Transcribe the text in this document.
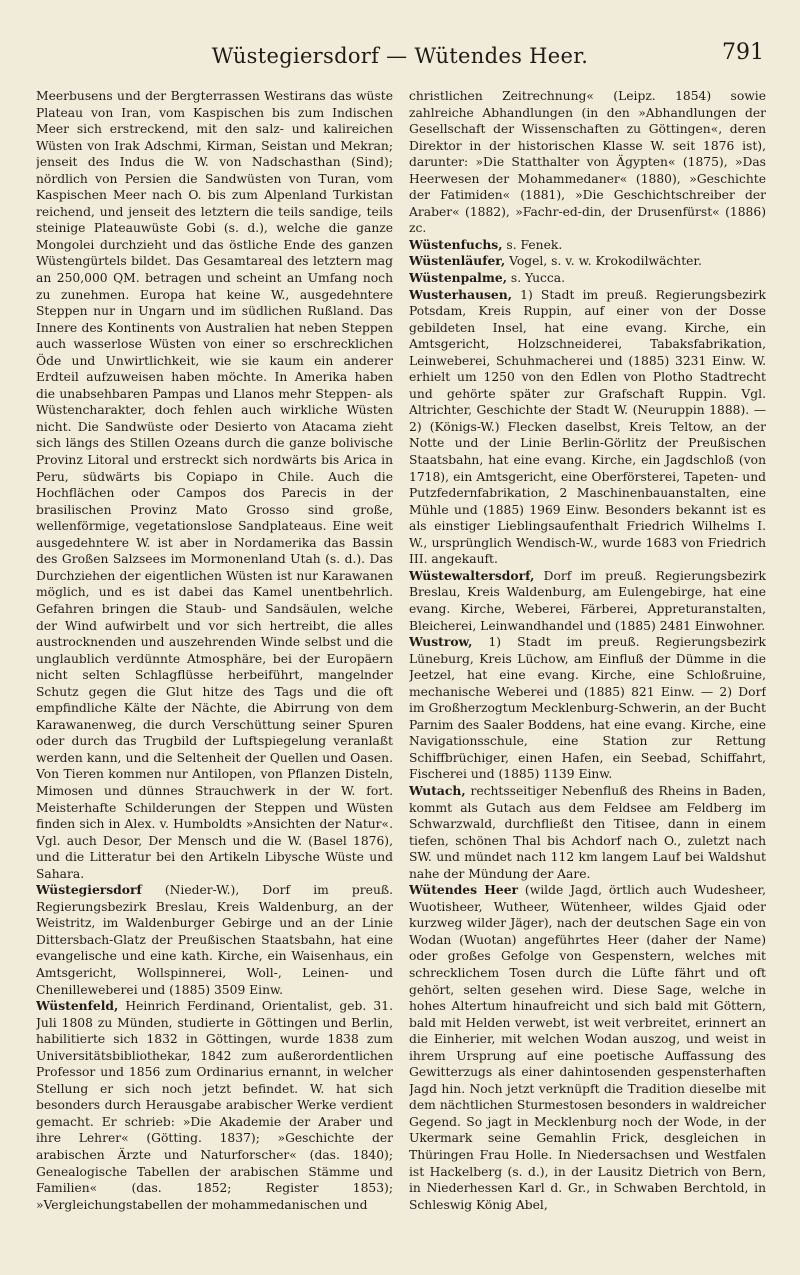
Wüstegiersdorf — Wütendes Heer.	791

Meerbusens und der Bergterrassen Westirans das wüste Plateau von Iran, vom Kaspischen bis zum Indischen Meer sich erstreckend, mit den salz- und kalireichen Wüsten von Irak Adschmi, Kirman, Seistan und Mekran; jenseit des Indus die W. von Nadschasthan (Sind); nördlich von Persien die Sandwüsten von Turan, vom Kaspischen Meer nach O. bis zum Alpenland Turkistan reichend, und jenseit des letztern die teils sandige, teils steinige Plateauwüste Gobi (s. d.), welche die ganze Mongolei durchzieht und das östliche Ende des ganzen Wüstengürtels bildet. Das Gesamtareal des letztern mag an 250,000 QM. betragen und scheint an Umfang noch zu zunehmen. Europa hat keine W., ausgedehntere Steppen nur in Ungarn und im südlichen Rußland. Das Innere des Kontinents von Australien hat neben Steppen auch wasserlose Wüsten von einer so erschrecklichen Öde und Unwirtlichkeit, wie sie kaum ein anderer Erdteil aufzuweisen haben möchte. In Amerika haben die unabsehbaren Pampas und Llanos mehr Steppen- als Wüstencharakter, doch fehlen auch wirkliche Wüsten nicht. Die Sandwüste oder Desierto von Atacama zieht sich längs des Stillen Ozeans durch die ganze bolivische Provinz Litoral und erstreckt sich nordwärts bis Arica in Peru, südwärts bis Copiapo in Chile. Auch die Hochflächen oder Campos dos Parecis in der brasilischen Provinz Mato Grosso sind große, wellenförmige, vegetationslose Sandplateaus. Eine weit ausgedehntere W. ist aber in Nordamerika das Bassin des Großen Salzsees im Mormonenland Utah (s. d.). Das Durchziehen der eigentlichen Wüsten ist nur Karawanen möglich, und es ist dabei das Kamel unentbehrlich. Gefahren bringen die Staub- und Sandsäulen, welche der Wind aufwirbelt und vor sich hertreibt, die alles austrocknenden und auszehrenden Winde selbst und die unglaublich verdünnte Atmosphäre, bei der Europäern nicht selten Schlagflüsse herbeiführt, mangelnder Schutz gegen die Glut hitze des Tags und die oft empfindliche Kälte der Nächte, die Abirrung von dem Karawanenweg, die durch Verschüttung seiner Spuren oder durch das Trugbild der Luftspiegelung veranlaßt werden kann, und die Seltenheit der Quellen und Oasen. Von Tieren kommen nur Antilopen, von Pflanzen Disteln, Mimosen und dünnes Strauchwerk in der W. fort. Meisterhafte Schilderungen der Steppen und Wüsten finden sich in Alex. v. Humboldts »Ansichten der Natur«. Vgl. auch Desor, Der Mensch und die W. (Basel 1876), und die Litteratur bei den Artikeln Libysche Wüste und Sahara.

Wüstegiersdorf (Nieder-W.), Dorf im preuß. Regierungsbezirk Breslau, Kreis Waldenburg, an der Weistritz, im Waldenburger Gebirge und an der Linie Dittersbach-Glatz der Preußischen Staatsbahn, hat eine evangelische und eine kath. Kirche, ein Waisenhaus, ein Amtsgericht, Wollspinnerei, Woll-, Leinen- und Chenilleweberei und (1885) 3509 Einw.

Wüstenfeld, Heinrich Ferdinand, Orientalist, geb. 31. Juli 1808 zu Münden, studierte in Göttingen und Berlin, habilitierte sich 1832 in Göttingen, wurde 1838 zum Universitätsbibliothekar, 1842 zum außerordentlichen Professor und 1856 zum Ordinarius ernannt, in welcher Stellung er sich noch jetzt befindet. W. hat sich besonders durch Herausgabe arabischer Werke verdient gemacht. Er schrieb: »Die Akademie der Araber und ihre Lehrer« (Götting. 1837); »Geschichte der arabischen Ärzte und Naturforscher« (das. 1840); Genealogische Tabellen der arabischen Stämme und Familien« (das. 1852; Register 1853); »Vergleichungstabellen der mohammedanischen und

christlichen Zeitrechnung« (Leipz. 1854) sowie zahlreiche Abhandlungen (in den »Abhandlungen der Gesellschaft der Wissenschaften zu Göttingen«, deren Direktor in der historischen Klasse W. seit 1876 ist), darunter: »Die Statthalter von Ägypten« (1875), »Das Heerwesen der Mohammedaner« (1880), »Geschichte der Fatimiden« (1881), »Die Geschichtschreiber der Araber« (1882), »Fachr-ed-din, der Drusenfürst« (1886) zc.

Wüstenfuchs, s. Fenek.

Wüstenläufer, Vogel, s. v. w. Krokodilwächter.

Wüstenpalme, s. Yucca.

Wusterhausen, 1) Stadt im preuß. Regierungsbezirk Potsdam, Kreis Ruppin, auf einer von der Dosse gebildeten Insel, hat eine evang. Kirche, ein Amtsgericht, Holzschneiderei, Tabaksfabrikation, Leinweberei, Schuhmacherei und (1885) 3231 Einw. W. erhielt um 1250 von den Edlen von Plotho Stadtrecht und gehörte später zur Grafschaft Ruppin. Vgl. Altrichter, Geschichte der Stadt W. (Neuruppin 1888). — 2) (Königs-W.) Flecken daselbst, Kreis Teltow, an der Notte und der Linie Berlin-Görlitz der Preußischen Staatsbahn, hat eine evang. Kirche, ein Jagdschloß (von 1718), ein Amtsgericht, eine Oberförsterei, Tapeten- und Putzfedernfabrikation, 2 Maschinenbauanstalten, eine Mühle und (1885) 1969 Einw. Besonders bekannt ist es als einstiger Lieblingsaufenthalt Friedrich Wilhelms I. W., ursprünglich Wendisch-W., wurde 1683 von Friedrich III. angekauft.

Wüstewaltersdorf, Dorf im preuß. Regierungsbezirk Breslau, Kreis Waldenburg, am Eulengebirge, hat eine evang. Kirche, Weberei, Färberei, Appreturanstalten, Bleicherei, Leinwandhandel und (1885) 2481 Einwohner.

Wustrow, 1) Stadt im preuß. Regierungsbezirk Lüneburg, Kreis Lüchow, am Einfluß der Dümme in die Jeetzel, hat eine evang. Kirche, eine Schloßruine, mechanische Weberei und (1885) 821 Einw. — 2) Dorf im Großherzogtum Mecklenburg-Schwerin, an der Bucht Parnim des Saaler Boddens, hat eine evang. Kirche, eine Navigationsschule, eine Station zur Rettung Schiffbrüchiger, einen Hafen, ein Seebad, Schiffahrt, Fischerei und (1885) 1139 Einw.

Wutach, rechtsseitiger Nebenfluß des Rheins in Baden, kommt als Gutach aus dem Feldsee am Feldberg im Schwarzwald, durchfließt den Titisee, dann in einem tiefen, schönen Thal bis Achdorf nach O., zuletzt nach SW. und mündet nach 112 km langem Lauf bei Waldshut nahe der Mündung der Aare.

Wütendes Heer (wilde Jagd, örtlich auch Wudesheer, Wuotisheer, Wutheer, Wütenheer, wildes Gjaid oder kurzweg wilder Jäger), nach der deutschen Sage ein von Wodan (Wuotan) angeführtes Heer (daher der Name) oder großes Gefolge von Gespenstern, welches mit schrecklichem Tosen durch die Lüfte fährt und oft gehört, selten gesehen wird. Diese Sage, welche in hohes Altertum hinaufreicht und sich bald mit Göttern, bald mit Helden verwebt, ist weit verbreitet, erinnert an die Einherier, mit welchen Wodan auszog, und weist in ihrem Ursprung auf eine poetische Auffassung des Gewitterzugs als einer dahintosenden gespensterhaften Jagd hin. Noch jetzt verknüpft die Tradition dieselbe mit dem nächtlichen Sturmestosen besonders in waldreicher Gegend. So jagt in Mecklenburg noch der Wode, in der Ukermark seine Gemahlin Frick, desgleichen in Thüringen Frau Holle. In Niedersachsen und Westfalen ist Hackelberg (s. d.), in der Lausitz Dietrich von Bern, in Niederhessen Karl d. Gr., in Schwaben Berchtold, in Schleswig König Abel,
